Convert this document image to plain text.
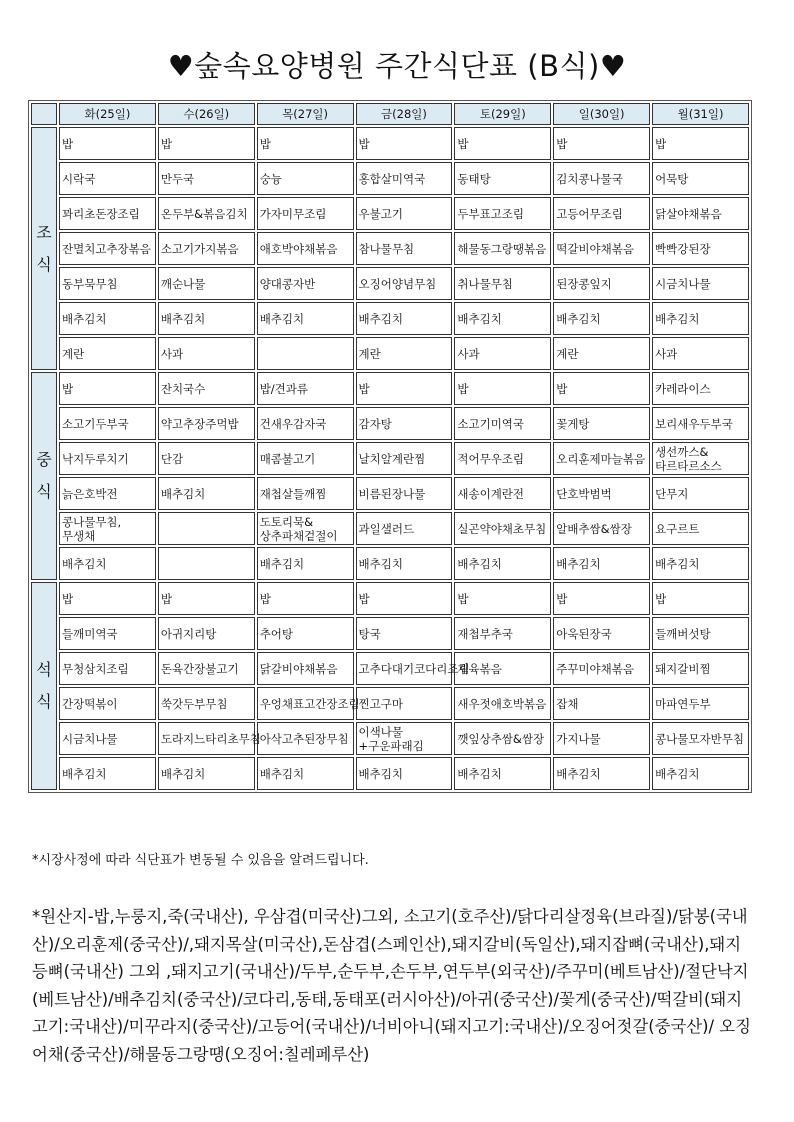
♥숲속요양병원 주간식단표 (B식)♥
	화(25일)	수(26일)	목(27일)	금(28일)	토(29일)	일(30일)	월(31일)

조
식	밥	밥	밥	밥	밥	밥	밥
	시락국	만두국	숭늉	홍합살미역국	동태탕	김치콩나물국	어묵탕
	꽈리초돈장조림	온두부&볶음김치	가자미무조림	우불고기	두부표고조림	고등어무조림	닭살야채볶음
	잔멸치고추장볶음	소고기가지볶음	애호박야채볶음	참나물무침	해물동그랑땡볶음	떡갈비야채볶음	빡빡강된장
	동부묵무침	깨순나물	양대콩자반	오징어양념무침	취나물무침	된장콩잎지	시금치나물
	배추김치	배추김치	배추김치	배추김치	배추김치	배추김치	배추김치
	계란	사과		계란	사과	계란	사과

중
식	밥	잔치국수	밥/견과류	밥	밥	밥	카레라이스
	소고기두부국	약고추장주먹밥	건새우감자국	감자탕	소고기미역국	꽃게탕	보리새우두부국
	낙지두루치기	단감	매콤불고기	날치알계란찜	적어무우조림	오리훈제마늘볶음	생선까스&타르타르소스
	늙은호박전	배추김치	재첩살들깨찜	비름된장나물	새송이계란전	단호박범벅	단무지
	콩나물무침,무생채		도토리묵&상추파채겉절이	과일샐러드	실곤약야채초무침	알배추쌈&쌈장	요구르트
	배추김치		배추김치	배추김치	배추김치	배추김치	배추김치

석
식	밥	밥	밥	밥	밥	밥	밥
	들깨미역국	아귀지리탕	추어탕	탕국	재첩부추국	아욱된장국	들깨버섯탕
	무청삼치조림	돈육간장불고기	닭갈비야채볶음	고추다대기코다리조림	제육볶음	주꾸미야채볶음	돼지갈비찜
	간장떡볶이	쑥갓두부무침	우엉채표고간장조림	찐고구마	새우젓애호박볶음	잡채	마파연두부
	시금치나물	도라지느타리초무침	아삭고추된장무침	이색나물+구운파래김	깻잎상추쌈&쌈장	가지나물	콩나물모자반무침
	배추김치	배추김치	배추김치	배추김치	배추김치	배추김치	배추김치
*시장사정에 따라 식단표가 변동될 수 있음을 알려드립니다.
*원산지-밥,누룽지,죽(국내산), 우삼겹(미국산)그외, 소고기(호주산)/닭다리살정육(브라질)/닭봉(국내산)/오리훈제(중국산)/,돼지목살(미국산),돈삼겹(스페인산),돼지갈비(독일산),돼지잡뼈(국내산),돼지등뼈(국내산) 그외 ,돼지고기(국내산)/두부,순두부,손두부,연두부(외국산)/주꾸미(베트남산)/절단낙지(베트남산)/배추김치(중국산)/코다리,동태,동태포(러시아산)/아귀(중국산)/꽃게(중국산)/떡갈비(돼지고기:국내산)/미꾸라지(중국산)/고등어(국내산)/너비아니(돼지고기:국내산)/오징어젓갈(중국산)/ 오징어채(중국산)/해물동그랑땡(오징어:칠레페루산)
